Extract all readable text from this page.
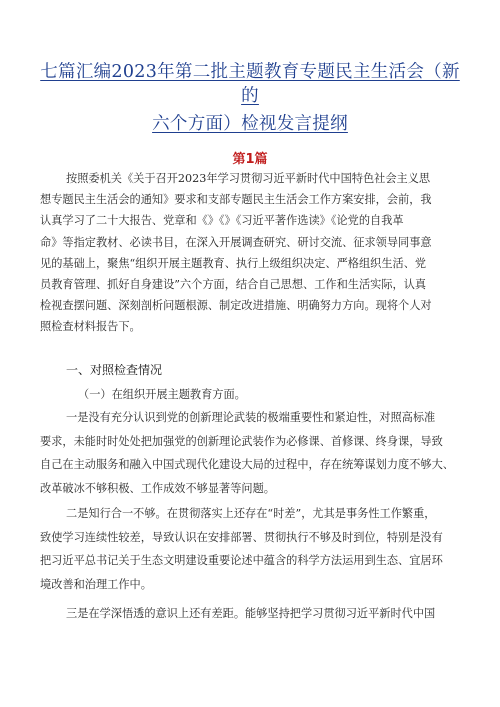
七篇汇编2023年第二批主题教育专题民主生活会（新的
六个方面）检视发言提纲
第1篇
按照委机关《关于召开2023年学习贯彻习近平新时代中国特色社会主义思
想专题民主生活会的通知》要求和支部专题民主生活会工作方案安排，会前，我
认真学习了二十大报告、党章和《》《》《习近平著作选读》《论党的自我革
命》等指定教材、必读书目，在深入开展调查研究、研讨交流、征求领导同事意
见的基础上，聚焦“组织开展主题教育、执行上级组织决定、严格组织生活、党
员教育管理、抓好自身建设”六个方面，结合自己思想、工作和生活实际，认真
检视查摆问题、深刻剖析问题根源、制定改进措施、明确努力方向。现将个人对
照检查材料报告下。
一、对照检查情况
（一）在组织开展主题教育方面。
一是没有充分认识到党的创新理论武装的极端重要性和紧迫性，对照高标准
要求，未能时时处处把加强党的创新理论武装作为必修课、首修课、终身课，导致
自己在主动服务和融入中国式现代化建设大局的过程中，存在统筹谋划力度不够大、
改革破冰不够积极、工作成效不够显著等问题。
二是知行合一不够。在贯彻落实上还存在“时差”，尤其是事务性工作繁重，
致使学习连续性较差，导致认识在安排部署、贯彻执行不够及时到位，特别是没有
把习近平总书记关于生态文明建设重要论述中蕴含的科学方法运用到生态、宜居环
境改善和治理工作中。
三是在学深悟透的意识上还有差距。能够坚持把学习贯彻习近平新时代中国
